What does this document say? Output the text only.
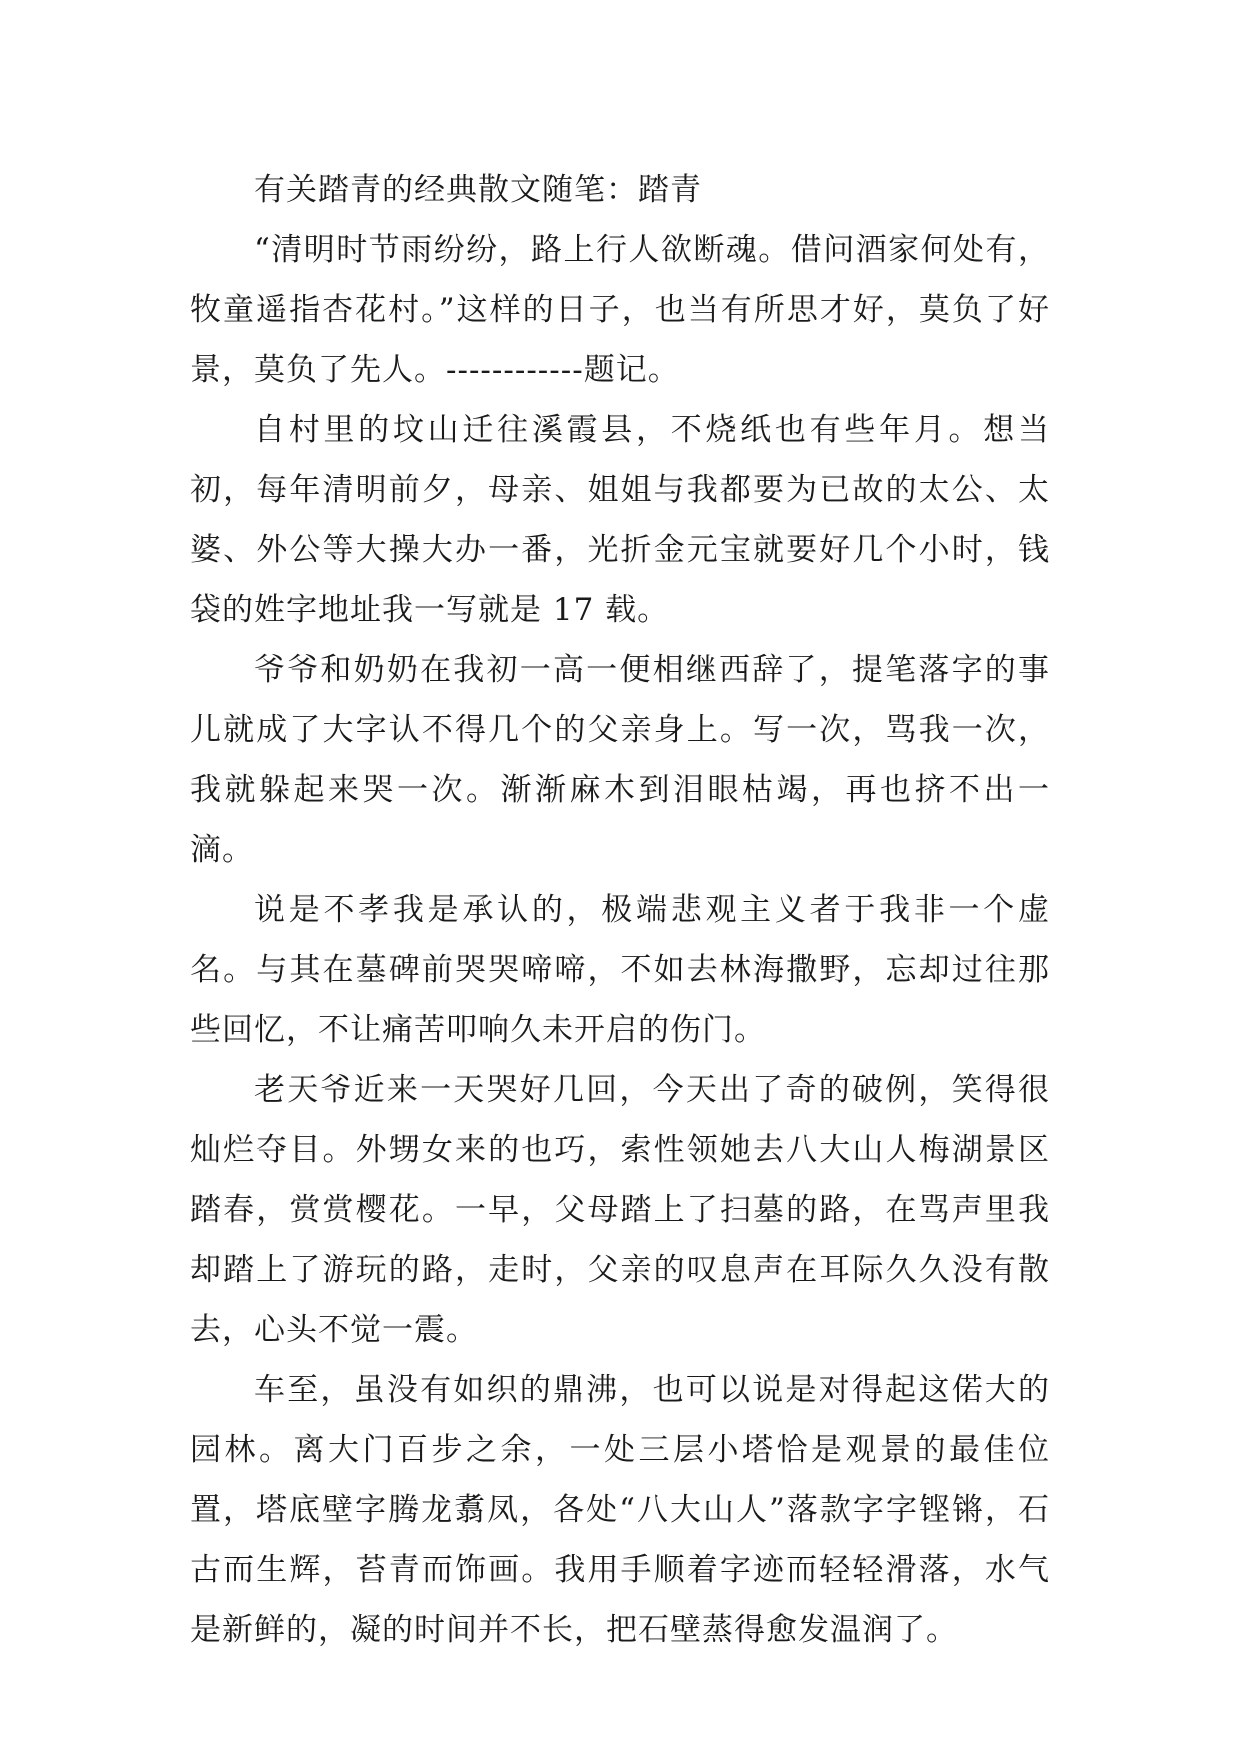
有关踏青的经典散文随笔：踏青

“清明时节雨纷纷，路上行人欲断魂。借问酒家何处有，牧童遥指杏花村。”这样的日子，也当有所思才好，莫负了好景，莫负了先人。------------题记。

自村里的坟山迁往溪霞县，不烧纸也有些年月。想当初，每年清明前夕，母亲、姐姐与我都要为已故的太公、太婆、外公等大操大办一番，光折金元宝就要好几个小时，钱袋的姓字地址我一写就是 17 载。

爷爷和奶奶在我初一高一便相继西辞了，提笔落字的事儿就成了大字认不得几个的父亲身上。写一次，骂我一次，我就躲起来哭一次。渐渐麻木到泪眼枯竭，再也挤不出一滴。

说是不孝我是承认的，极端悲观主义者于我非一个虚名。与其在墓碑前哭哭啼啼，不如去林海撒野，忘却过往那些回忆，不让痛苦叩响久未开启的伤门。

老天爷近来一天哭好几回，今天出了奇的破例，笑得很灿烂夺目。外甥女来的也巧，索性领她去八大山人梅湖景区踏春，赏赏樱花。一早，父母踏上了扫墓的路，在骂声里我却踏上了游玩的路，走时，父亲的叹息声在耳际久久没有散去，心头不觉一震。

车至，虽没有如织的鼎沸，也可以说是对得起这偌大的园林。离大门百步之余，一处三层小塔恰是观景的最佳位置，塔底壁字腾龙翥凤，各处“八大山人”落款字字铿锵，石古而生辉，苔青而饰画。我用手顺着字迹而轻轻滑落，水气是新鲜的，凝的时间并不长，把石壁蒸得愈发温润了。
